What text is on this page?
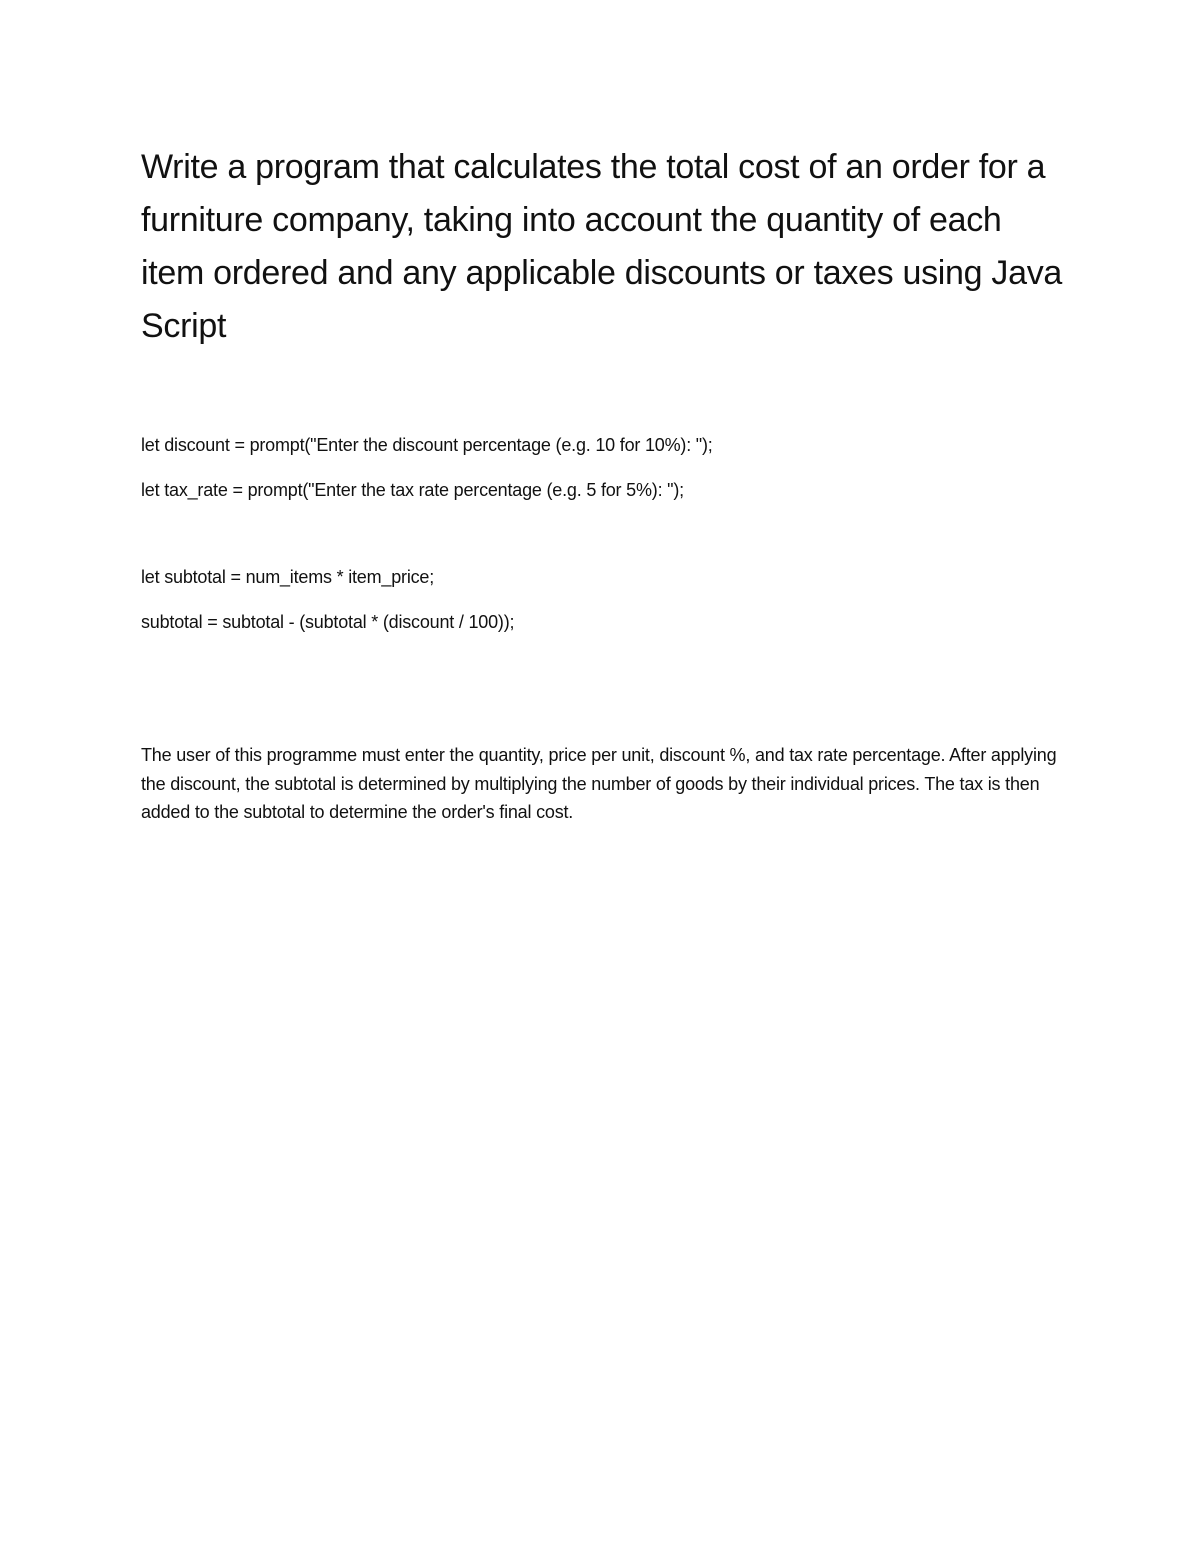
Write a program that calculates the total cost of an order for a furniture company, taking into account the quantity of each item ordered and any applicable discounts or taxes using Java Script

let discount = prompt("Enter the discount percentage (e.g. 10 for 10%): ");

let tax_rate = prompt("Enter the tax rate percentage (e.g. 5 for 5%): ");

let subtotal = num_items * item_price;

subtotal = subtotal - (subtotal * (discount / 100));

The user of this programme must enter the quantity, price per unit, discount %, and tax rate percentage. After applying the discount, the subtotal is determined by multiplying the number of goods by their individual prices. The tax is then added to the subtotal to determine the order's final cost.
